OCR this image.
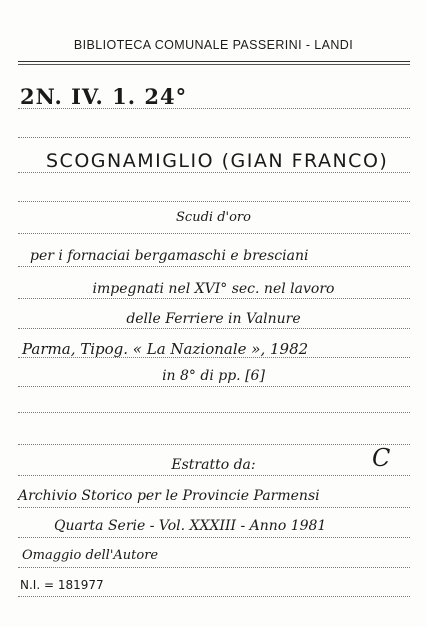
BIBLIOTECA COMUNALE PASSERINI - LANDI
2N. IV. 1. 24°
SCOGNAMIGLIO (GIAN FRANCO)
Scudi d'oro
per i fornaciai bergamaschi e bresciani
impegnati nel XVI° sec. nel lavoro
delle Ferriere in Valnure
Parma, Tipog. « La Nazionale », 1982
in 8° di pp. [6]
Estratto da:	C
Archivio Storico per le Provincie Parmensi
Quarta Serie - Vol. XXXIII - Anno 1981
Omaggio dell'Autore
N.I. = 181977
